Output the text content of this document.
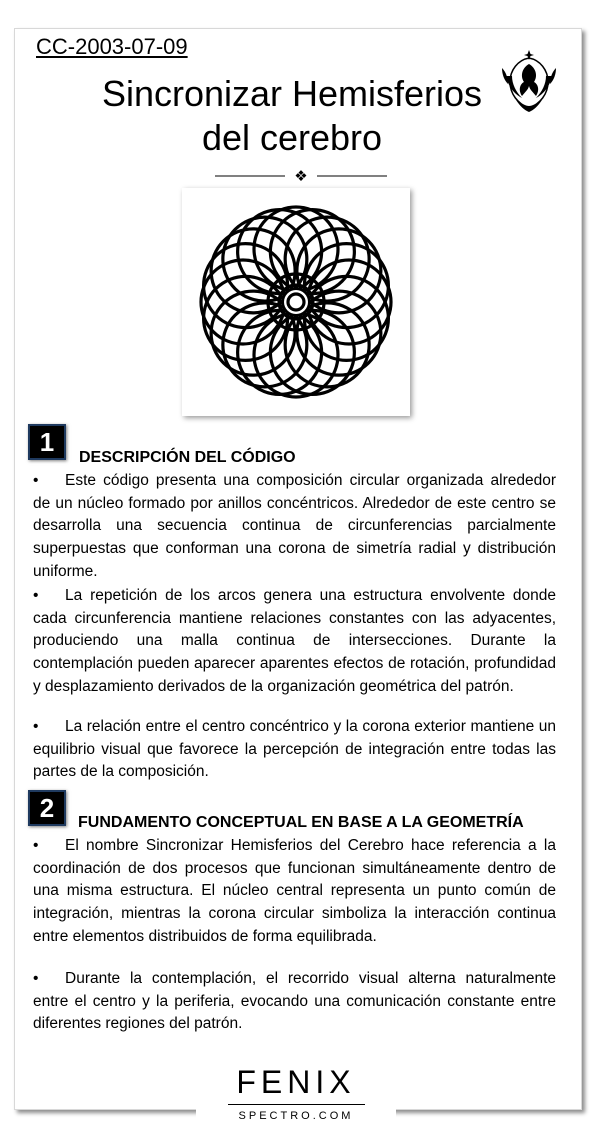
CC-2003-07-09
Sincronizar Hemisferios
del cerebro
❖
1
DESCRIPCIÓN DEL CÓDIGO

• Este código presenta una composición circular organizada alrededor de un núcleo formado por anillos concéntricos. Alrededor de este centro se desarrolla una secuencia continua de circunferencias parcialmente superpuestas que conforman una corona de simetría radial y distribución uniforme.

• La repetición de los arcos genera una estructura envolvente donde cada circunferencia mantiene relaciones constantes con las adyacentes, produciendo una malla continua de intersecciones. Durante la contemplación pueden aparecer aparentes efectos de rotación, profundidad y desplazamiento derivados de la organización geométrica del patrón.

• La relación entre el centro concéntrico y la corona exterior mantiene un equilibrio visual que favorece la percepción de integración entre todas las partes de la composición.

2	FUNDAMENTO CONCEPTUAL EN BASE A LA GEOMETRÍA

• El nombre Sincronizar Hemisferios del Cerebro hace referencia a la coordinación de dos procesos que funcionan simultáneamente dentro de una misma estructura. El núcleo central representa un punto común de integración, mientras la corona circular simboliza la interacción continua entre elementos distribuidos de forma equilibrada.

• Durante la contemplación, el recorrido visual alterna naturalmente entre el centro y la periferia, evocando una comunicación constante entre diferentes regiones del patrón.

FENIX
SPECTRO.COM
